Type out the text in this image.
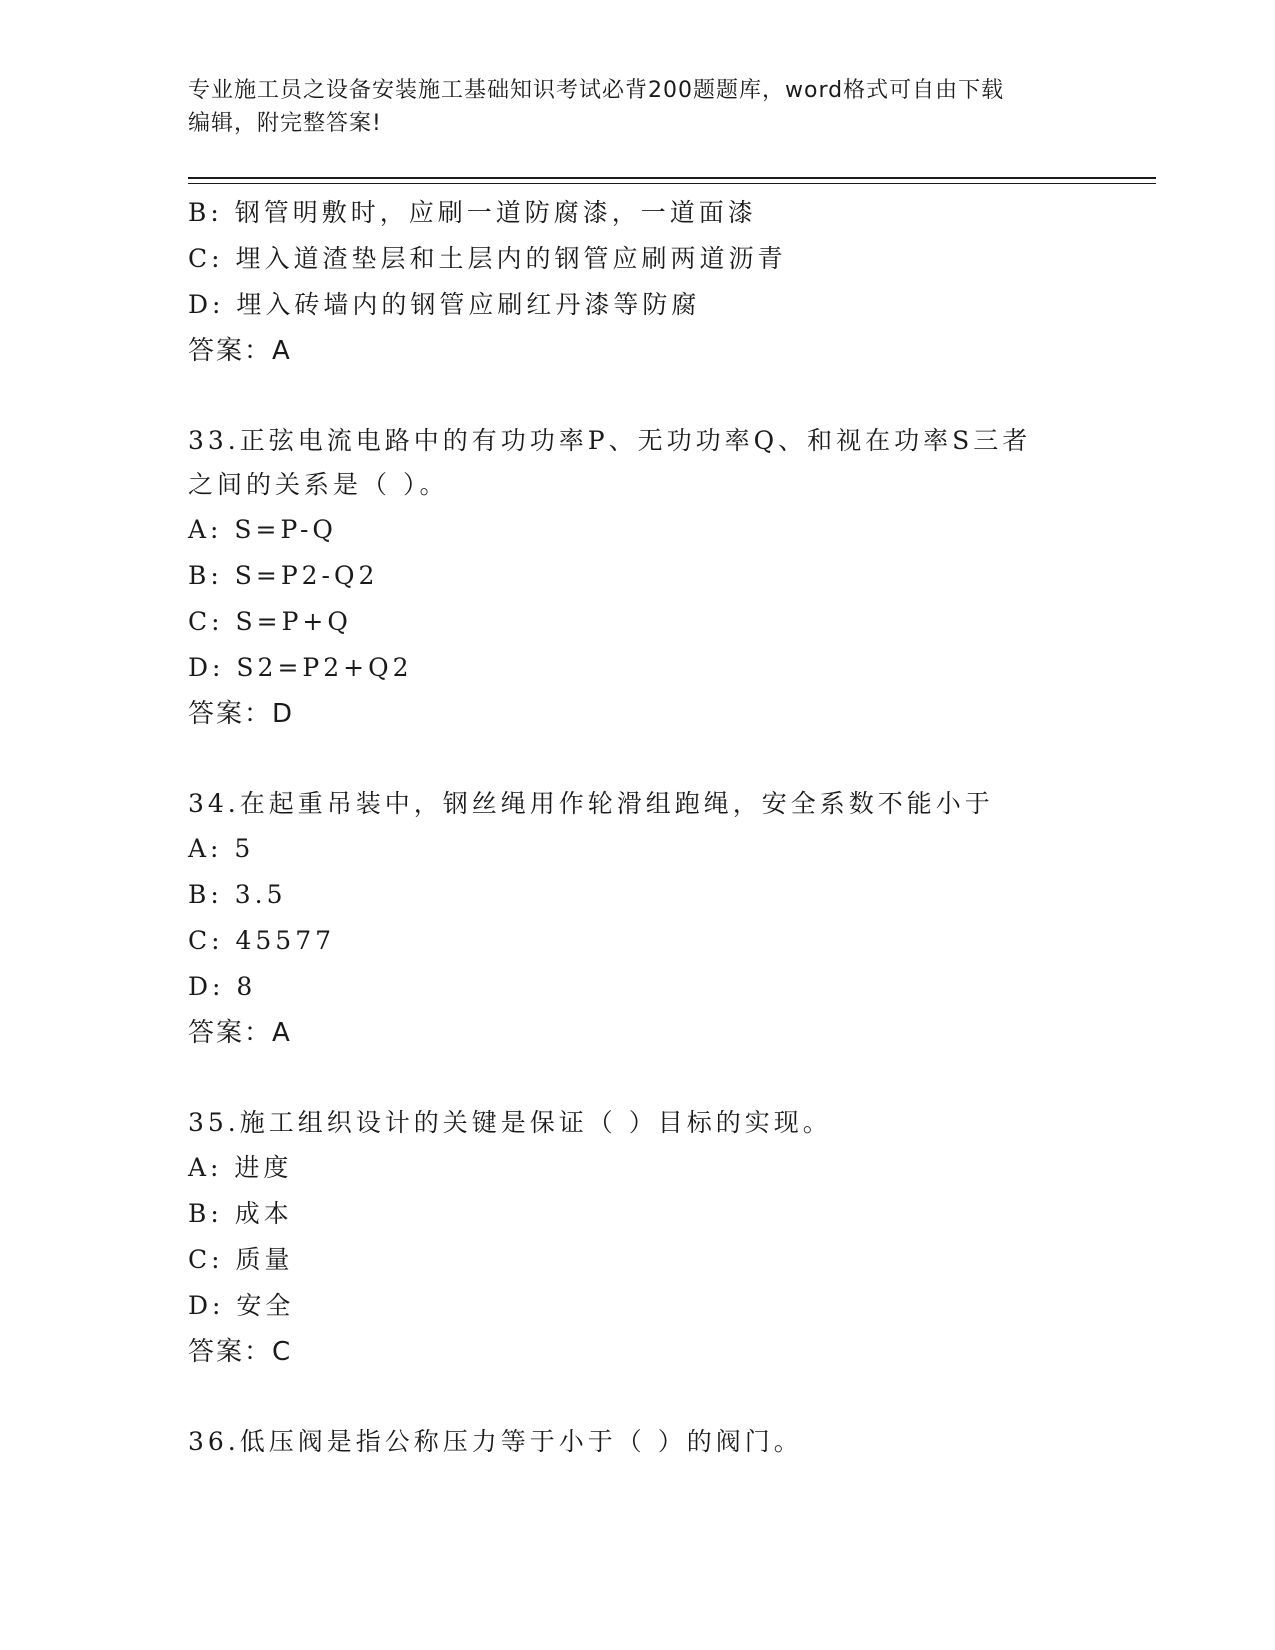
专业施工员之设备安装施工基础知识考试必背200题题库，word格式可自由下载
编辑，附完整答案!
B: 钢管明敷时，应刷一道防腐漆，一道面漆
C: 埋入道渣垫层和土层内的钢管应刷两道沥青
D: 埋入砖墙内的钢管应刷红丹漆等防腐
答案：A
33.正弦电流电路中的有功功率P、无功功率Q、和视在功率S三者之间的关系是（ ）。
A: S=P-Q
B: S=P2-Q2
C: S=P+Q
D: S2=P2+Q2
答案：D
34.在起重吊装中，钢丝绳用作轮滑组跑绳，安全系数不能小于
A: 5
B: 3.5
C: 45577
D: 8
答案：A
35.施工组织设计的关键是保证（ ）目标的实现。
A: 进度
B: 成本
C: 质量
D: 安全
答案：C
36.低压阀是指公称压力等于小于（ ）的阀门。
